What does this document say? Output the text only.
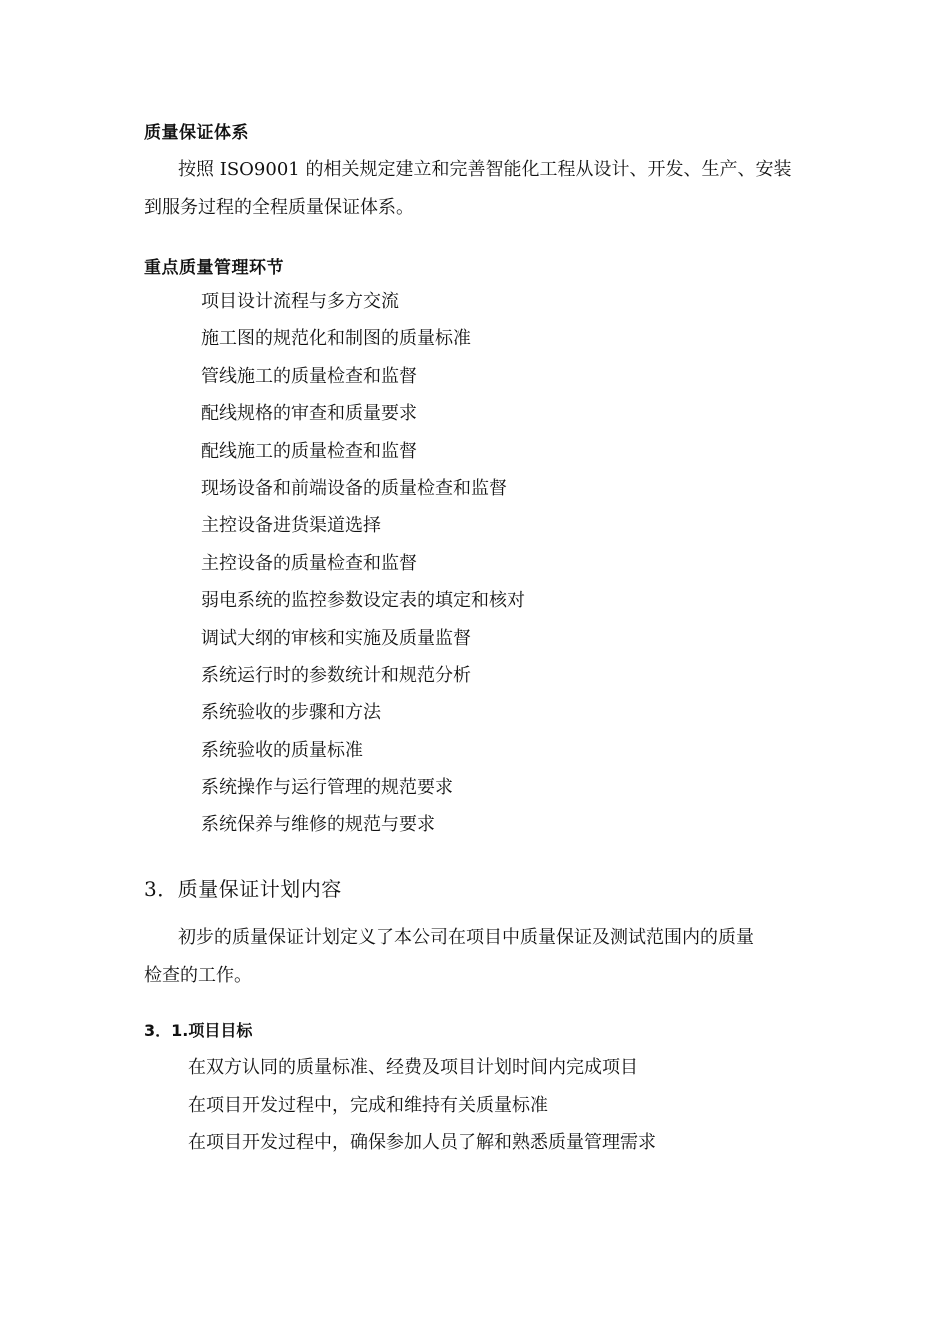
质量保证体系
按照 ISO9001 的相关规定建立和完善智能化工程从设计、开发、生产、安装
到服务过程的全程质量保证体系。
重点质量管理环节
项目设计流程与多方交流
施工图的规范化和制图的质量标准
管线施工的质量检查和监督
配线规格的审查和质量要求
配线施工的质量检查和监督
现场设备和前端设备的质量检查和监督
主控设备进货渠道选择
主控设备的质量检查和监督
弱电系统的监控参数设定表的填定和核对
调试大纲的审核和实施及质量监督
系统运行时的参数统计和规范分析
系统验收的步骤和方法
系统验收的质量标准
系统操作与运行管理的规范要求
系统保养与维修的规范与要求
3．质量保证计划内容
初步的质量保证计划定义了本公司在项目中质量保证及测试范围内的质量
检查的工作。
3．1.项目目标
在双方认同的质量标准、经费及项目计划时间内完成项目
在项目开发过程中，完成和维持有关质量标准
在项目开发过程中，确保参加人员了解和熟悉质量管理需求
